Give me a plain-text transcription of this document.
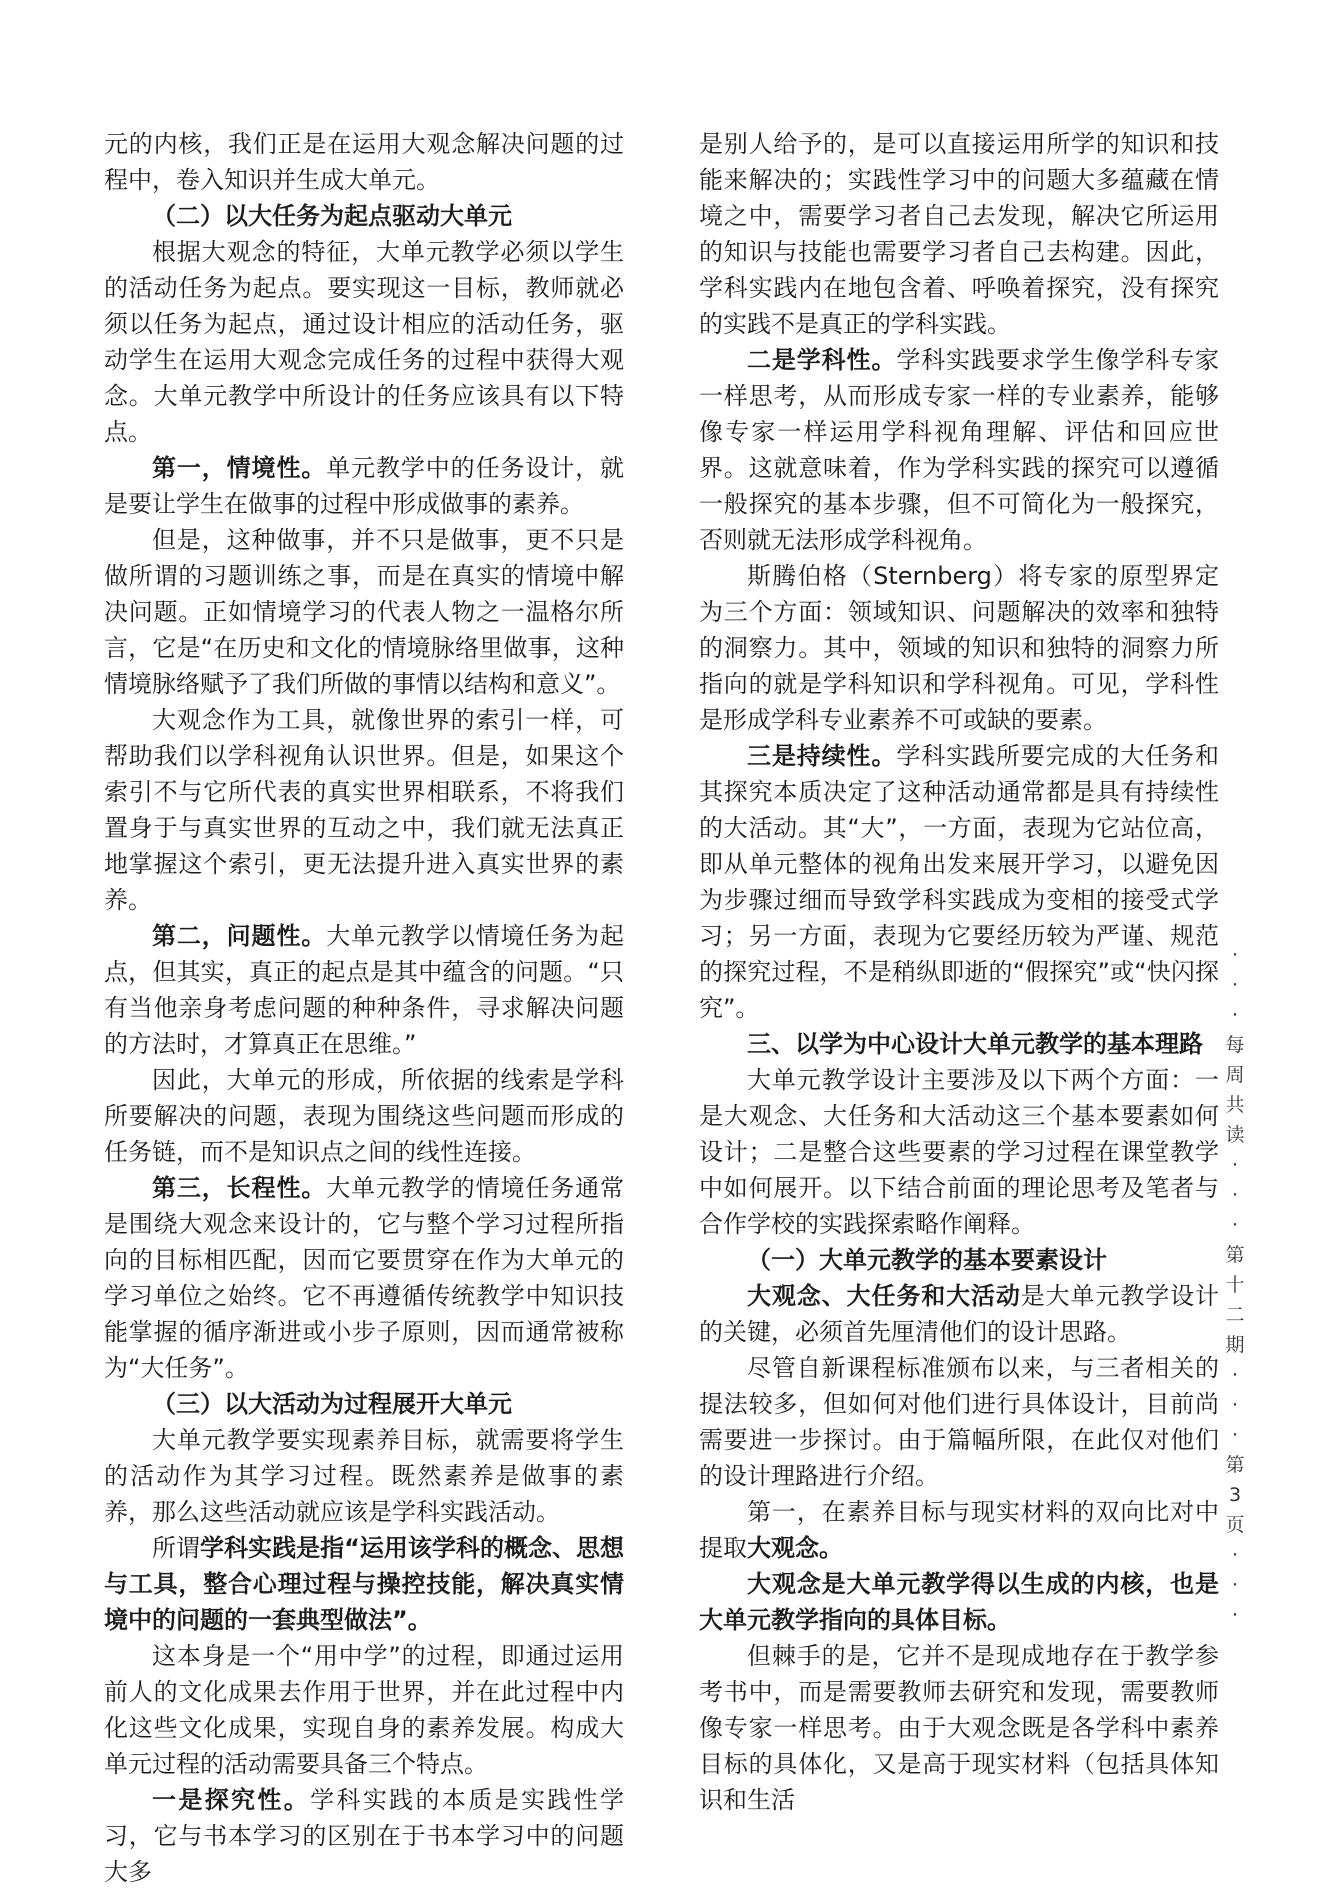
元的内核，我们正是在运用大观念解决问题的过程中，卷入知识并生成大单元。

（二）以大任务为起点驱动大单元

根据大观念的特征，大单元教学必须以学生的活动任务为起点。要实现这一目标，教师就必须以任务为起点，通过设计相应的活动任务，驱动学生在运用大观念完成任务的过程中获得大观念。大单元教学中所设计的任务应该具有以下特点。

第一，情境性。单元教学中的任务设计，就是要让学生在做事的过程中形成做事的素养。

但是，这种做事，并不只是做事，更不只是做所谓的习题训练之事，而是在真实的情境中解决问题。正如情境学习的代表人物之一温格尔所言，它是“在历史和文化的情境脉络里做事，这种情境脉络赋予了我们所做的事情以结构和意义”。

大观念作为工具，就像世界的索引一样，可帮助我们以学科视角认识世界。但是，如果这个索引不与它所代表的真实世界相联系，不将我们置身于与真实世界的互动之中，我们就无法真正地掌握这个索引，更无法提升进入真实世界的素养。

第二，问题性。大单元教学以情境任务为起点，但其实，真正的起点是其中蕴含的问题。“只有当他亲身考虑问题的种种条件，寻求解决问题的方法时，才算真正在思维。”

因此，大单元的形成，所依据的线索是学科所要解决的问题，表现为围绕这些问题而形成的任务链，而不是知识点之间的线性连接。

第三，长程性。大单元教学的情境任务通常是围绕大观念来设计的，它与整个学习过程所指向的目标相匹配，因而它要贯穿在作为大单元的学习单位之始终。它不再遵循传统教学中知识技能掌握的循序渐进或小步子原则，因而通常被称为“大任务”。

（三）以大活动为过程展开大单元

大单元教学要实现素养目标，就需要将学生的活动作为其学习过程。既然素养是做事的素养，那么这些活动就应该是学科实践活动。

所谓学科实践是指“运用该学科的概念、思想与工具，整合心理过程与操控技能，解决真实情境中的问题的一套典型做法”。

这本身是一个“用中学”的过程，即通过运用前人的文化成果去作用于世界，并在此过程中内化这些文化成果，实现自身的素养发展。构成大单元过程的活动需要具备三个特点。

一是探究性。学科实践的本质是实践性学习，它与书本学习的区别在于书本学习中的问题大多

是别人给予的，是可以直接运用所学的知识和技能来解决的；实践性学习中的问题大多蕴藏在情境之中，需要学习者自己去发现，解决它所运用的知识与技能也需要学习者自己去构建。因此，学科实践内在地包含着、呼唤着探究，没有探究的实践不是真正的学科实践。

二是学科性。学科实践要求学生像学科专家一样思考，从而形成专家一样的专业素养，能够像专家一样运用学科视角理解、评估和回应世界。这就意味着，作为学科实践的探究可以遵循一般探究的基本步骤，但不可简化为一般探究，否则就无法形成学科视角。

斯腾伯格（Sternberg）将专家的原型界定为三个方面：领域知识、问题解决的效率和独特的洞察力。其中，领域的知识和独特的洞察力所指向的就是学科知识和学科视角。可见，学科性是形成学科专业素养不可或缺的要素。

三是持续性。学科实践所要完成的大任务和其探究本质决定了这种活动通常都是具有持续性的大活动。其“大”，一方面，表现为它站位高，即从单元整体的视角出发来展开学习，以避免因为步骤过细而导致学科实践成为变相的接受式学习；另一方面，表现为它要经历较为严谨、规范的探究过程，不是稍纵即逝的“假探究”或“快闪探究”。

三、以学为中心设计大单元教学的基本理路

大单元教学设计主要涉及以下两个方面：一是大观念、大任务和大活动这三个基本要素如何设计；二是整合这些要素的学习过程在课堂教学中如何展开。以下结合前面的理论思考及笔者与合作学校的实践探索略作阐释。

（一）大单元教学的基本要素设计

大观念、大任务和大活动是大单元教学设计的关键，必须首先厘清他们的设计思路。

尽管自新课程标准颁布以来，与三者相关的提法较多，但如何对他们进行具体设计，目前尚需要进一步探讨。由于篇幅所限，在此仅对他们的设计理路进行介绍。

第一，在素养目标与现实材料的双向比对中提取大观念。

大观念是大单元教学得以生成的内核，也是大单元教学指向的具体目标。

但棘手的是，它并不是现成地存在于教学参考书中，而是需要教师去研究和发现，需要教师像专家一样思考。由于大观念既是各学科中素养目标的具体化，又是高于现实材料（包括具体知识和生活

·
·
·
每
周
共
读
·
·
·
第
十
二
期
·
·
·
第
3
页
·
·
·
